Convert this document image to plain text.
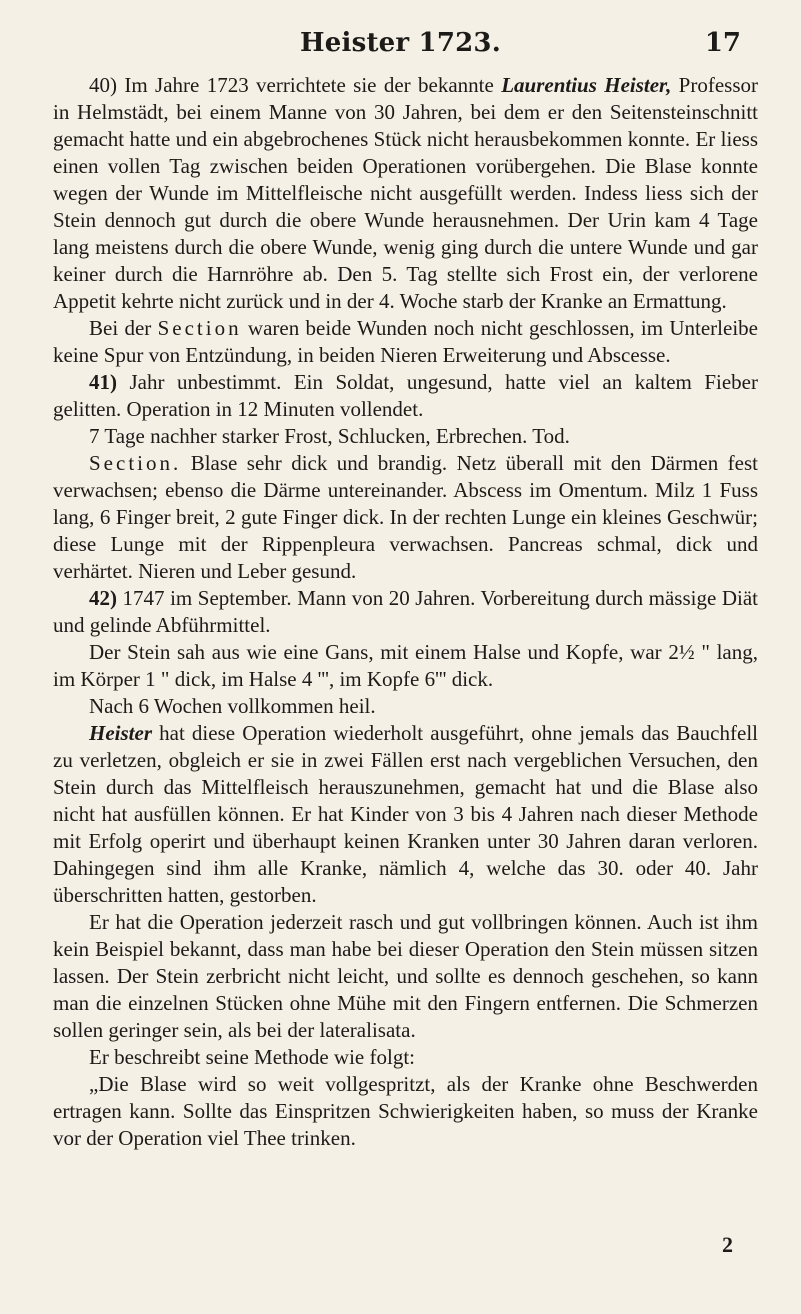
Heister 1723.	17

40) Im Jahre 1723 verrichtete sie der bekannte Laurentius Heister, Professor in Helmstädt, bei einem Manne von 30 Jahren, bei dem er den Seitensteinschnitt gemacht hatte und ein abgebrochenes Stück nicht herausbekommen konnte. Er liess einen vollen Tag zwischen beiden Operationen vorübergehen. Die Blase konnte wegen der Wunde im Mittelfleische nicht ausgefüllt werden. Indess liess sich der Stein dennoch gut durch die obere Wunde herausnehmen. Der Urin kam 4 Tage lang meistens durch die obere Wunde, wenig ging durch die untere Wunde und gar keiner durch die Harnröhre ab. Den 5. Tag stellte sich Frost ein, der verlorene Appetit kehrte nicht zurück und in der 4. Woche starb der Kranke an Ermattung.

Bei der Section waren beide Wunden noch nicht geschlossen, im Unterleibe keine Spur von Entzündung, in beiden Nieren Erweiterung und Abscesse.

41) Jahr unbestimmt. Ein Soldat, ungesund, hatte viel an kaltem Fieber gelitten. Operation in 12 Minuten vollendet.

7 Tage nachher starker Frost, Schlucken, Erbrechen. Tod.

Section. Blase sehr dick und brandig. Netz überall mit den Därmen fest verwachsen; ebenso die Därme untereinander. Abscess im Omentum. Milz 1 Fuss lang, 6 Finger breit, 2 gute Finger dick. In der rechten Lunge ein kleines Geschwür; diese Lunge mit der Rippenpleura verwachsen. Pancreas schmal, dick und verhärtet. Nieren und Leber gesund.

42) 1747 im September. Mann von 20 Jahren. Vorbereitung durch mässige Diät und gelinde Abführmittel.

Der Stein sah aus wie eine Gans, mit einem Halse und Kopfe, war 2½ " lang, im Körper 1 " dick, im Halse 4 ''', im Kopfe 6''' dick.

Nach 6 Wochen vollkommen heil.

Heister hat diese Operation wiederholt ausgeführt, ohne jemals das Bauchfell zu verletzen, obgleich er sie in zwei Fällen erst nach vergeblichen Versuchen, den Stein durch das Mittelfleisch herauszunehmen, gemacht hat und die Blase also nicht hat ausfüllen können. Er hat Kinder von 3 bis 4 Jahren nach dieser Methode mit Erfolg operirt und überhaupt keinen Kranken unter 30 Jahren daran verloren. Dahingegen sind ihm alle Kranke, nämlich 4, welche das 30. oder 40. Jahr überschritten hatten, gestorben.

Er hat die Operation jederzeit rasch und gut vollbringen können. Auch ist ihm kein Beispiel bekannt, dass man habe bei dieser Operation den Stein müssen sitzen lassen. Der Stein zerbricht nicht leicht, und sollte es dennoch geschehen, so kann man die einzelnen Stücken ohne Mühe mit den Fingern entfernen. Die Schmerzen sollen geringer sein, als bei der lateralisata.

Er beschreibt seine Methode wie folgt:

„Die Blase wird so weit vollgespritzt, als der Kranke ohne Beschwerden ertragen kann. Sollte das Einspritzen Schwierigkeiten haben, so muss der Kranke vor der Operation viel Thee trinken.

2
